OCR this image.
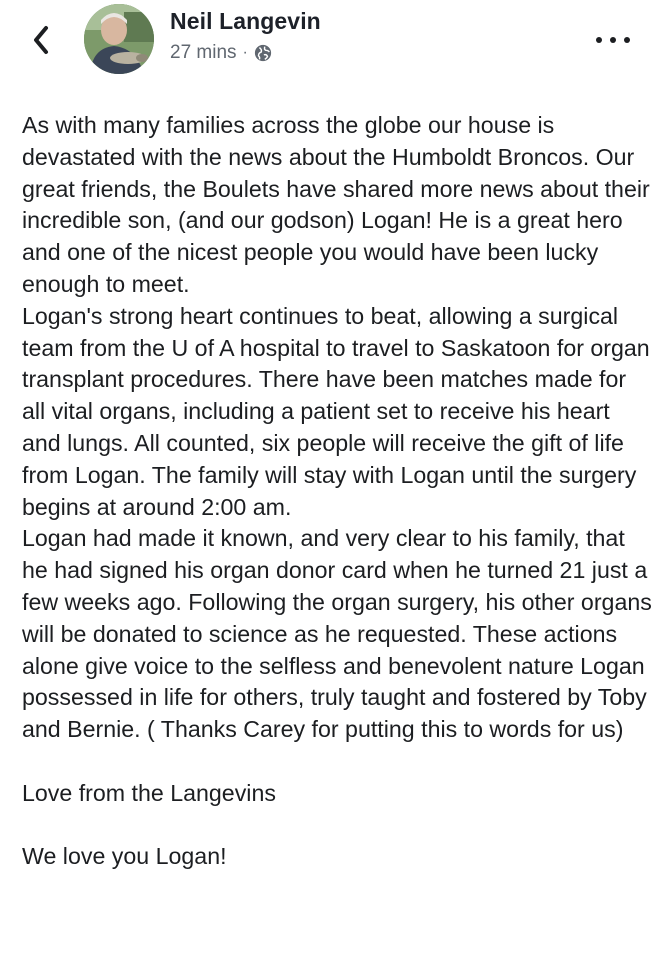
Neil Langevin
27 mins ·

As with many families across the globe our house is devastated with the news about the Humboldt Broncos. Our great friends, the Boulets have shared more news about their incredible son, (and our godson) Logan! He is a great hero and one of the nicest people you would have been lucky enough to meet.

Logan's strong heart continues to beat, allowing a surgical team from the U of A hospital to travel to Saskatoon for organ transplant procedures. There have been matches made for all vital organs, including a patient set to receive his heart and lungs. All counted, six people will receive the gift of life from Logan. The family will stay with Logan until the surgery begins at around 2:00 am.

Logan had made it known, and very clear to his family, that he had signed his organ donor card when he turned 21 just a few weeks ago. Following the organ surgery, his other organs will be donated to science as he requested. These actions alone give voice to the selfless and benevolent nature Logan possessed in life for others, truly taught and fostered by Toby and Bernie. ( Thanks Carey for putting this to words for us)

Love from the Langevins

We love you Logan!
